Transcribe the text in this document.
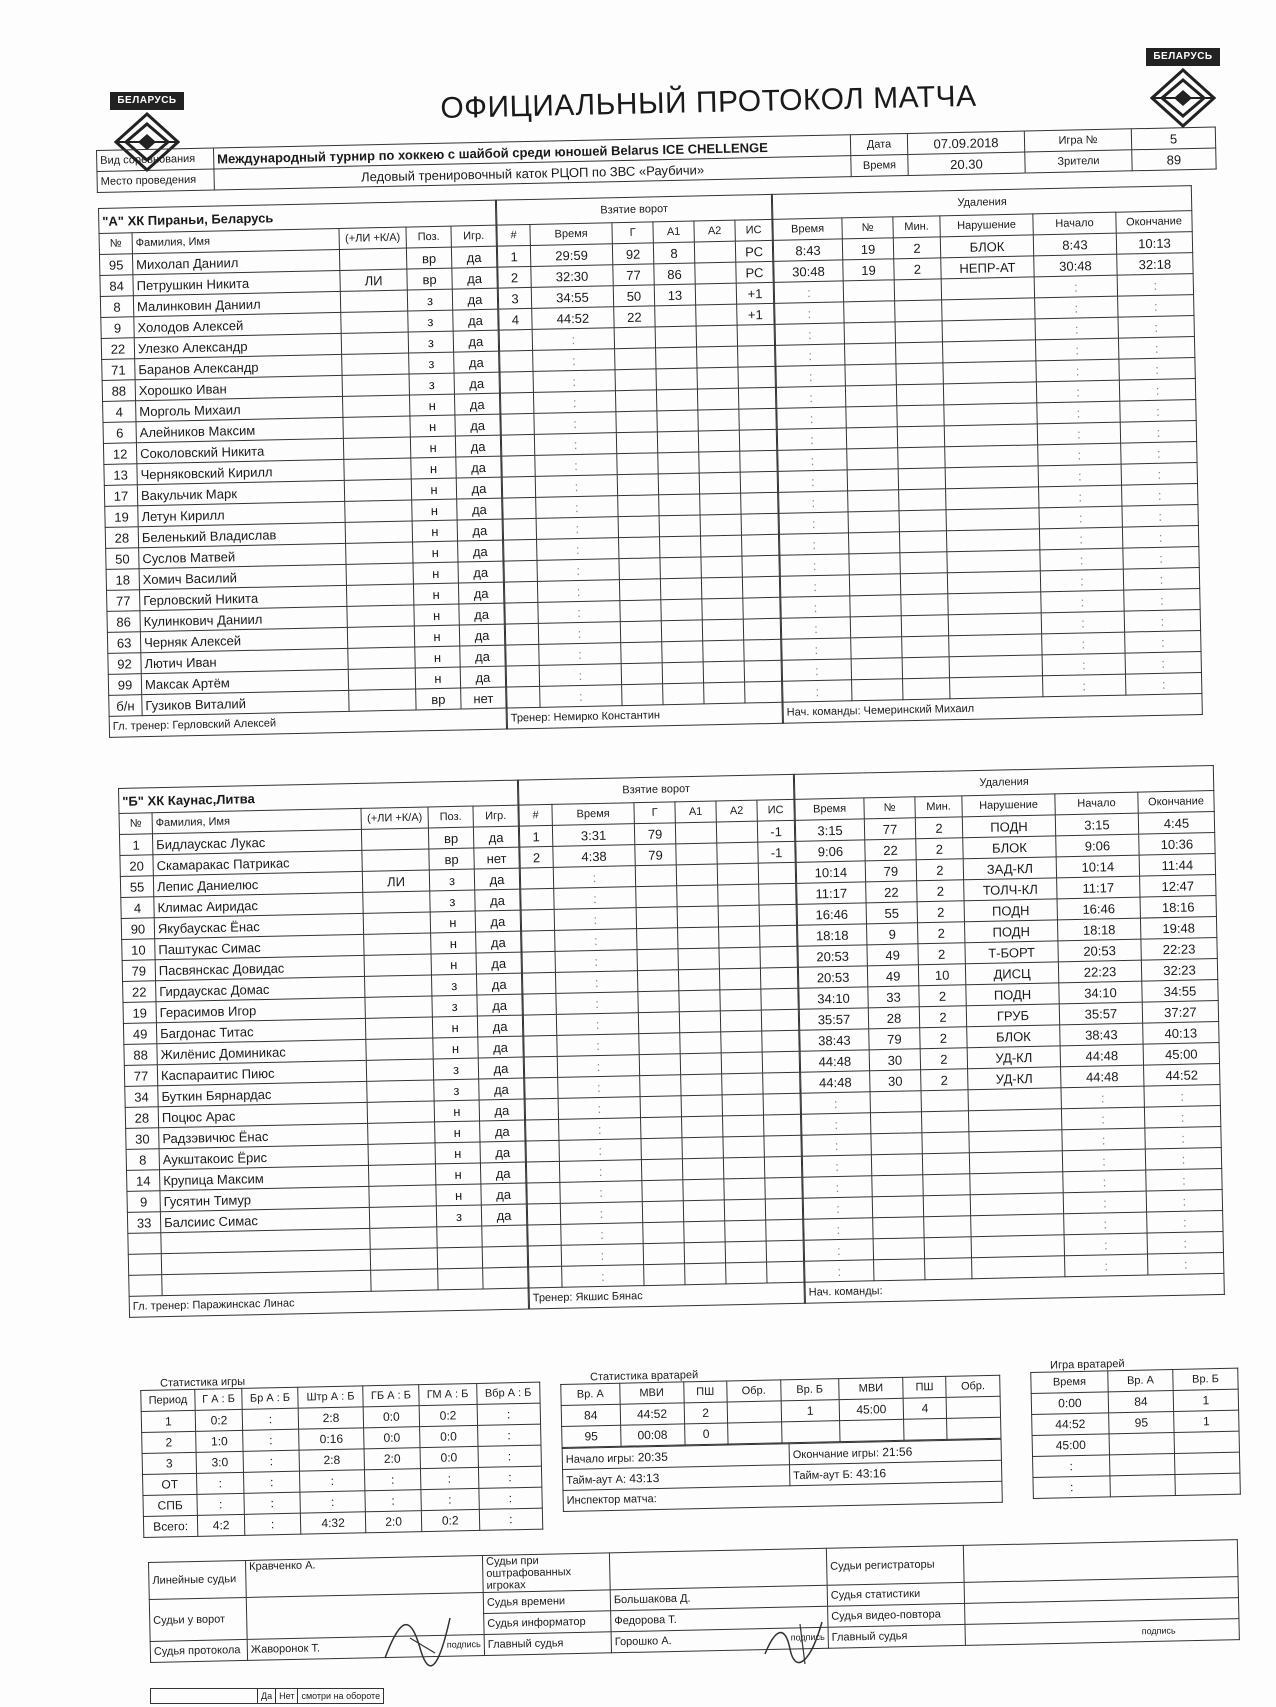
БЕЛАРУСЬ
БЕЛАРУСЬ
ОФИЦИАЛЬНЫЙ ПРОТОКОЛ МАТЧА
Вид соревнования	Международный турнир по хоккею с шайбой среди юношей Belarus ICE CHELLENGE	Дата	07.09.2018	Игра №	5
Место проведения	Ледовый тренировочный каток РЦОП по ЗВС «Раубичи»	Время	20.30	Зрители	89
"А" ХК Пираньи, Беларусь				
№	Фамилия, Имя	(+ЛИ +К/А)	Поз.	Игр.
95	Михолап Даниил		вр	да
84	Петрушкин Никита	ЛИ	вр	да
8	Малинковин Даниил		з	да
9	Холодов Алексей		з	да
22	Улезко Александр		з	да
71	Баранов Александр		з	да
88	Хорошко Иван		з	да
4	Морголь Михаил		н	да
6	Алейников Максим		н	да
12	Соколовский Никита		н	да
13	Черняковский Кирилл		н	да
17	Вакульчик Марк		н	да
19	Летун Кирилл		н	да
28	Беленький Владислав		н	да
50	Суслов Матвей		н	да
18	Хомич Василий		н	да
77	Герловский Никита		н	да
86	Кулинкович Даниил		н	да
63	Черняк Алексей		н	да
92	Лютич Иван		н	да
99	Максак Артём		н	да
б/н	Гузиков Виталий		вр	нет
Гл. тренер: Герловский Алексей				
Взятие ворот					
#	Время	Г	А1	А2	ИС
1	29:59	92	8		РС
2	32:30	77	86		РС
3	34:55	50	13		+1
4	44:52	22			+1
	:				
	:				
	:				
	:				
	:				
	:				
	:				
	:				
	:				
	:				
	:				
	:				
	:				
	:				
	:				
	:				
	:				
	:				
Тренер: Немирко Константин					
Удаления					
Время	№	Мин.	Нарушение	Начало	Окончание
8:43	19	2	БЛОК	8:43	10:13
30:48	19	2	НЕПР-АТ	30:48	32:18
:				:	:
:				:	:
:				:	:
:				:	:
:				:	:
:				:	:
:				:	:
:				:	:
:				:	:
:				:	:
:				:	:
:				:	:
:				:	:
:				:	:
:				:	:
:				:	:
:				:	:
:				:	:
:				:	:
:				:	:
Нач. команды: Чемеринский Михаил					
"Б" ХК Каунас,Литва				
№	Фамилия, Имя	(+ЛИ +К/А)	Поз.	Игр.
1	Бидлаускас Лукас		вр	да
20	Скамаракас Патрикас		вр	нет
55	Лепис Даниелюс	ЛИ	з	да
4	Климас Аиридас		з	да
90	Якубаускас Ёнас		н	да
10	Паштукас Симас		н	да
79	Пасвянскас Довидас		н	да
22	Гирдаускас Домас		з	да
19	Герасимов Игор		з	да
49	Багдонас Титас		н	да
88	Жилёнис Доминикас		н	да
77	Каспараитис Пиюс		з	да
34	Буткин Бярнардас		з	да
28	Поцюс Арас		н	да
30	Радзэвичюс Ёнас		н	да
8	Аукштакоис Ёрис		н	да
14	Крупица Максим		н	да
9	Гусятин Тимур		н	да
33	Балсиис Симас		з	да

Гл. тренер: Паражинскас Линас				
Взятие ворот					
#	Время	Г	А1	А2	ИС
1	3:31	79			-1
2	4:38	79			-1
	:				
	:				
	:				
	:				
	:				
	:				
	:				
	:				
	:				
	:				
	:				
	:				
	:				
	:				
	:				
	:				
	:				
	:				
	:				
	:				
Тренер: Якшис Бянас					
Удаления					
Время	№	Мин.	Нарушение	Начало	Окончание
3:15	77	2	ПОДН	3:15	4:45
9:06	22	2	БЛОК	9:06	10:36
10:14	79	2	ЗАД-КЛ	10:14	11:44
11:17	22	2	ТОЛЧ-КЛ	11:17	12:47
16:46	55	2	ПОДН	16:46	18:16
18:18	9	2	ПОДН	18:18	19:48
20:53	49	2	Т-БОРТ	20:53	22:23
20:53	49	10	ДИСЦ	22:23	32:23
34:10	33	2	ПОДН	34:10	34:55
35:57	28	2	ГРУБ	35:57	37:27
38:43	79	2	БЛОК	38:43	40:13
44:48	30	2	УД-КЛ	44:48	45:00
44:48	30	2	УД-КЛ	44:48	44:52
:				:	:
:				:	:
:				:	:
:				:	:
:				:	:
:				:	:
:				:	:
:				:	:
:				:	:
Нач. команды:					
Статистика игры
Период	Г А : Б	Бр А : Б	Штр А : Б	ГБ А : Б	ГМ А : Б	Вбр А : Б
1	0:2	:	2:8	0:0	0:2	:
2	1:0	:	0:16	0:0	0:0	:
3	3:0	:	2:8	2:0	0:0	:
ОТ	:	:	:	:	:	:
СПБ	:	:	:	:	:	:
Всего:	4:2	:	4:32	2:0	0:2	:
Статистика вратарей
Вр. А	МВИ	ПШ	Обр.	Вр. Б	МВИ	ПШ	Обр.
84	44:52	2		1	45:00	4	
95	00:08	0					
Начало игры: 20:35	Окончание игры: 21:56
Тайм-аут А: 43:13	Тайм-аут Б: 43:16
Инспектор матча:	
Игра вратарей
Время	Вр. А	Вр. Б
0:00	84	1
44:52	95	1
45:00		
:		
:		
Линейные судьи	Кравченко А.	Судьи при оштрафованных игроках		Судьи регистраторы	

Судьи у ворот		Судья времени	Большакова Д.	Судья статистики	
		Судья информатор	Федорова Т.	Судья видео-повтора	
Судья протокола	Жаворонок Т. подпись	Главный судья	Горошко А. подпись	Главный судья	подпись
	Да	Нет	смотри на обороте
